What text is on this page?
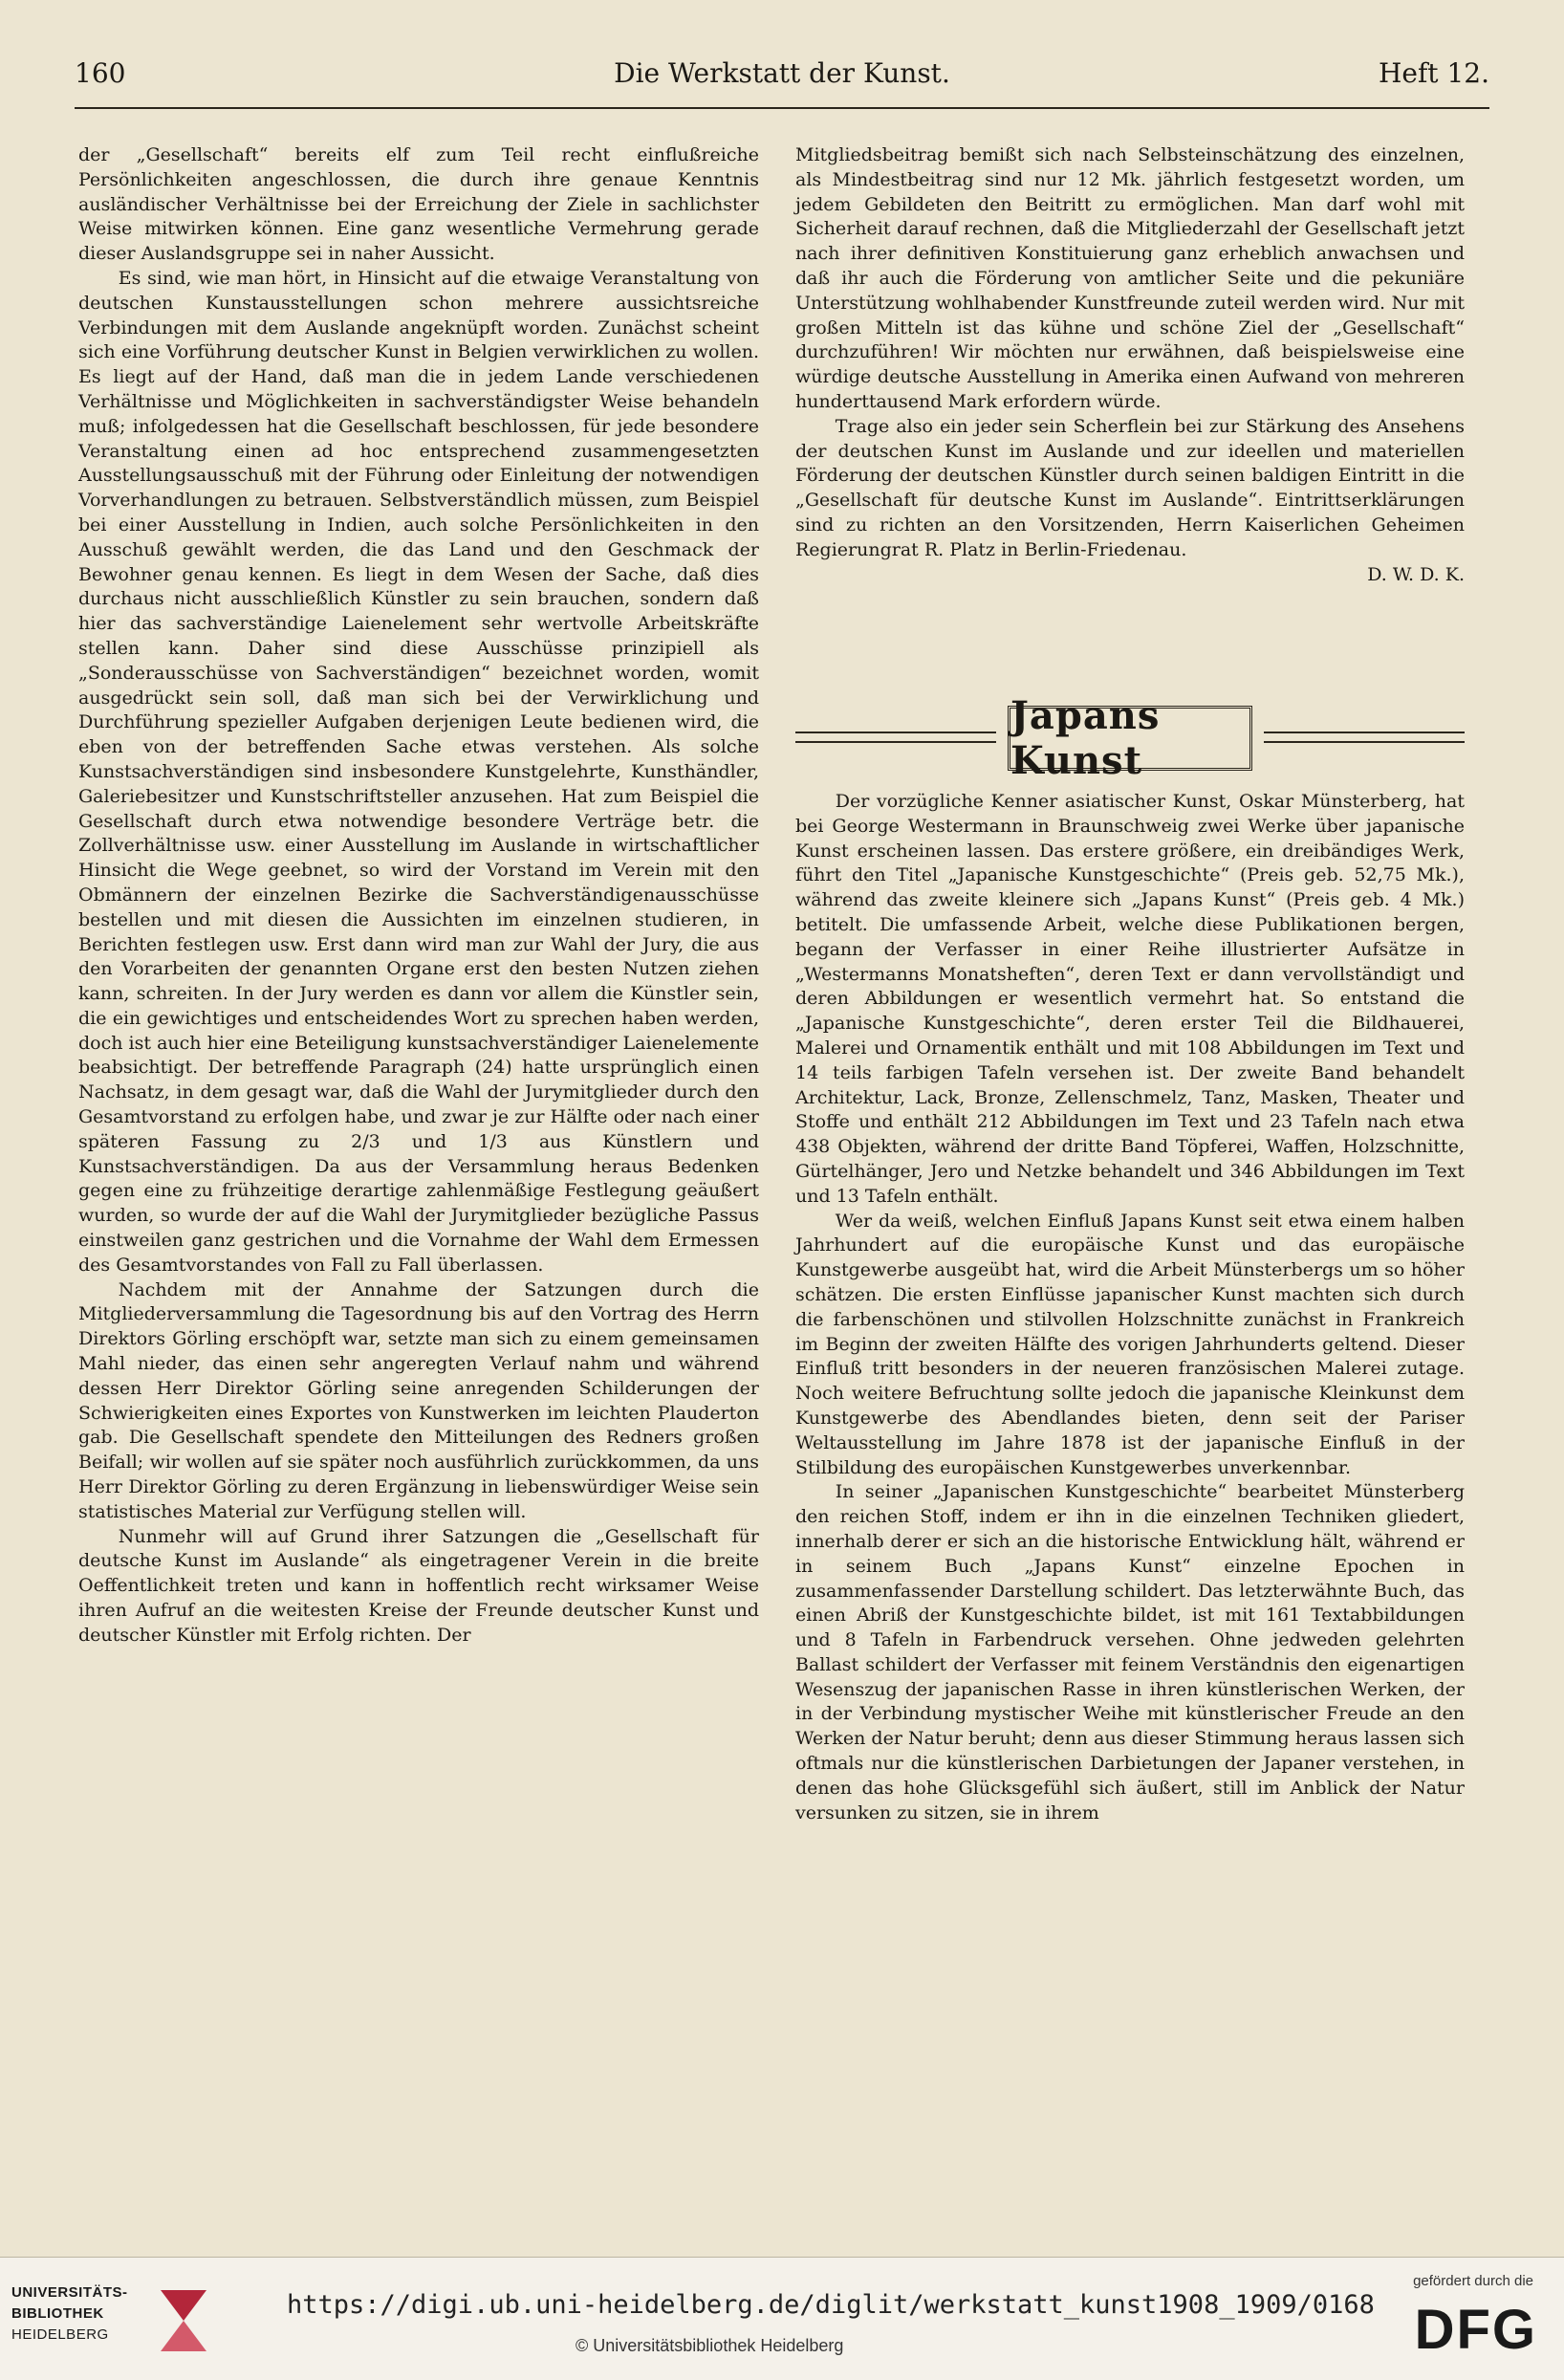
160	Die Werkstatt der Kunst.	Heft 12.

der „Gesellschaft“ bereits elf zum Teil recht einflußreiche Persönlichkeiten angeschlossen, die durch ihre genaue Kenntnis ausländischer Verhältnisse bei der Erreichung der Ziele in sachlichster Weise mitwirken können. Eine ganz wesentliche Vermehrung gerade dieser Auslandsgruppe sei in naher Aussicht.

Es sind, wie man hört, in Hinsicht auf die etwaige Veranstaltung von deutschen Kunstausstellungen schon mehrere aussichtsreiche Verbindungen mit dem Auslande angeknüpft worden. Zunächst scheint sich eine Vorführung deutscher Kunst in Belgien verwirklichen zu wollen. Es liegt auf der Hand, daß man die in jedem Lande verschiedenen Verhältnisse und Möglichkeiten in sachverständigster Weise behandeln muß; infolgedessen hat die Gesellschaft beschlossen, für jede besondere Veranstaltung einen ad hoc entsprechend zusammengesetzten Ausstellungsausschuß mit der Führung oder Einleitung der notwendigen Vorverhandlungen zu betrauen. Selbstverständlich müssen, zum Beispiel bei einer Ausstellung in Indien, auch solche Persönlichkeiten in den Ausschuß gewählt werden, die das Land und den Geschmack der Bewohner genau kennen. Es liegt in dem Wesen der Sache, daß dies durchaus nicht ausschließlich Künstler zu sein brauchen, sondern daß hier das sachverständige Laienelement sehr wertvolle Arbeitskräfte stellen kann. Daher sind diese Ausschüsse prinzipiell als „Sonderausschüsse von Sachverständigen“ bezeichnet worden, womit ausgedrückt sein soll, daß man sich bei der Verwirklichung und Durchführung spezieller Aufgaben derjenigen Leute bedienen wird, die eben von der betreffenden Sache etwas verstehen. Als solche Kunstsachverständigen sind insbesondere Kunstgelehrte, Kunsthändler, Galeriebesitzer und Kunstschriftsteller anzusehen. Hat zum Beispiel die Gesellschaft durch etwa notwendige besondere Verträge betr. die Zollverhältnisse usw. einer Ausstellung im Auslande in wirtschaftlicher Hinsicht die Wege geebnet, so wird der Vorstand im Verein mit den Obmännern der einzelnen Bezirke die Sachverständigenausschüsse bestellen und mit diesen die Aussichten im einzelnen studieren, in Berichten festlegen usw. Erst dann wird man zur Wahl der Jury, die aus den Vorarbeiten der genannten Organe erst den besten Nutzen ziehen kann, schreiten. In der Jury werden es dann vor allem die Künstler sein, die ein gewichtiges und entscheidendes Wort zu sprechen haben werden, doch ist auch hier eine Beteiligung kunstsachverständiger Laienelemente beabsichtigt. Der betreffende Paragraph (24) hatte ursprünglich einen Nachsatz, in dem gesagt war, daß die Wahl der Jurymitglieder durch den Gesamtvorstand zu erfolgen habe, und zwar je zur Hälfte oder nach einer späteren Fassung zu 2/3 und 1/3 aus Künstlern und Kunstsachverständigen. Da aus der Versammlung heraus Bedenken gegen eine zu frühzeitige derartige zahlenmäßige Festlegung geäußert wurden, so wurde der auf die Wahl der Jurymitglieder bezügliche Passus einstweilen ganz gestrichen und die Vornahme der Wahl dem Ermessen des Gesamtvorstandes von Fall zu Fall überlassen.

Nachdem mit der Annahme der Satzungen durch die Mitgliederversammlung die Tagesordnung bis auf den Vortrag des Herrn Direktors Görling erschöpft war, setzte man sich zu einem gemeinsamen Mahl nieder, das einen sehr angeregten Verlauf nahm und während dessen Herr Direktor Görling seine anregenden Schilderungen der Schwierigkeiten eines Exportes von Kunstwerken im leichten Plauderton gab. Die Gesellschaft spendete den Mitteilungen des Redners großen Beifall; wir wollen auf sie später noch ausführlich zurückkommen, da uns Herr Direktor Görling zu deren Ergänzung in liebenswürdiger Weise sein statistisches Material zur Verfügung stellen will.

Nunmehr will auf Grund ihrer Satzungen die „Gesellschaft für deutsche Kunst im Auslande“ als eingetragener Verein in die breite Oeffentlichkeit treten und kann in hoffentlich recht wirksamer Weise ihren Aufruf an die weitesten Kreise der Freunde deutscher Kunst und deutscher Künstler mit Erfolg richten. Der

Mitgliedsbeitrag bemißt sich nach Selbsteinschätzung des einzelnen, als Mindestbeitrag sind nur 12 Mk. jährlich festgesetzt worden, um jedem Gebildeten den Beitritt zu ermöglichen. Man darf wohl mit Sicherheit darauf rechnen, daß die Mitgliederzahl der Gesellschaft jetzt nach ihrer definitiven Konstituierung ganz erheblich anwachsen und daß ihr auch die Förderung von amtlicher Seite und die pekuniäre Unterstützung wohlhabender Kunstfreunde zuteil werden wird. Nur mit großen Mitteln ist das kühne und schöne Ziel der „Gesellschaft“ durchzuführen! Wir möchten nur erwähnen, daß beispielsweise eine würdige deutsche Ausstellung in Amerika einen Aufwand von mehreren hunderttausend Mark erfordern würde.

Trage also ein jeder sein Scherflein bei zur Stärkung des Ansehens der deutschen Kunst im Auslande und zur ideellen und materiellen Förderung der deutschen Künstler durch seinen baldigen Eintritt in die „Gesellschaft für deutsche Kunst im Auslande“. Eintrittserklärungen sind zu richten an den Vorsitzenden, Herrn Kaiserlichen Geheimen Regierungrat R. Platz in Berlin-Friedenau.

D. W. D. K.
Japans Kunst

Der vorzügliche Kenner asiatischer Kunst, Oskar Münsterberg, hat bei George Westermann in Braunschweig zwei Werke über japanische Kunst erscheinen lassen. Das erstere größere, ein dreibändiges Werk, führt den Titel „Japanische Kunstgeschichte“ (Preis geb. 52,75 Mk.), während das zweite kleinere sich „Japans Kunst“ (Preis geb. 4 Mk.) betitelt. Die umfassende Arbeit, welche diese Publikationen bergen, begann der Verfasser in einer Reihe illustrierter Aufsätze in „Westermanns Monatsheften“, deren Text er dann vervollständigt und deren Abbildungen er wesentlich vermehrt hat. So entstand die „Japanische Kunstgeschichte“, deren erster Teil die Bildhauerei, Malerei und Ornamentik enthält und mit 108 Abbildungen im Text und 14 teils farbigen Tafeln versehen ist. Der zweite Band behandelt Architektur, Lack, Bronze, Zellenschmelz, Tanz, Masken, Theater und Stoffe und enthält 212 Abbildungen im Text und 23 Tafeln nach etwa 438 Objekten, während der dritte Band Töpferei, Waffen, Holzschnitte, Gürtelhänger, Jero und Netzke behandelt und 346 Abbildungen im Text und 13 Tafeln enthält.

Wer da weiß, welchen Einfluß Japans Kunst seit etwa einem halben Jahrhundert auf die europäische Kunst und das europäische Kunstgewerbe ausgeübt hat, wird die Arbeit Münsterbergs um so höher schätzen. Die ersten Einflüsse japanischer Kunst machten sich durch die farbenschönen und stilvollen Holzschnitte zunächst in Frankreich im Beginn der zweiten Hälfte des vorigen Jahrhunderts geltend. Dieser Einfluß tritt besonders in der neueren französischen Malerei zutage. Noch weitere Befruchtung sollte jedoch die japanische Kleinkunst dem Kunstgewerbe des Abendlandes bieten, denn seit der Pariser Weltausstellung im Jahre 1878 ist der japanische Einfluß in der Stilbildung des europäischen Kunstgewerbes unverkennbar.

In seiner „Japanischen Kunstgeschichte“ bearbeitet Münsterberg den reichen Stoff, indem er ihn in die einzelnen Techniken gliedert, innerhalb derer er sich an die historische Entwicklung hält, während er in seinem Buch „Japans Kunst“ einzelne Epochen in zusammenfassender Darstellung schildert. Das letzterwähnte Buch, das einen Abriß der Kunstgeschichte bildet, ist mit 161 Textabbildungen und 8 Tafeln in Farbendruck versehen. Ohne jedweden gelehrten Ballast schildert der Verfasser mit feinem Verständnis den eigenartigen Wesenszug der japanischen Rasse in ihren künstlerischen Werken, der in der Verbindung mystischer Weihe mit künstlerischer Freude an den Werken der Natur beruht; denn aus dieser Stimmung heraus lassen sich oftmals nur die künstlerischen Darbietungen der Japaner verstehen, in denen das hohe Glücksgefühl sich äußert, still im Anblick der Natur versunken zu sitzen, sie in ihrem

UNIVERSITÄTS-
BIBLIOTHEK
HEIDELBERG
https://digi.ub.uni-heidelberg.de/diglit/werkstatt_kunst1908_1909/0168
© Universitätsbibliothek Heidelberg
gefördert durch die
DFG
